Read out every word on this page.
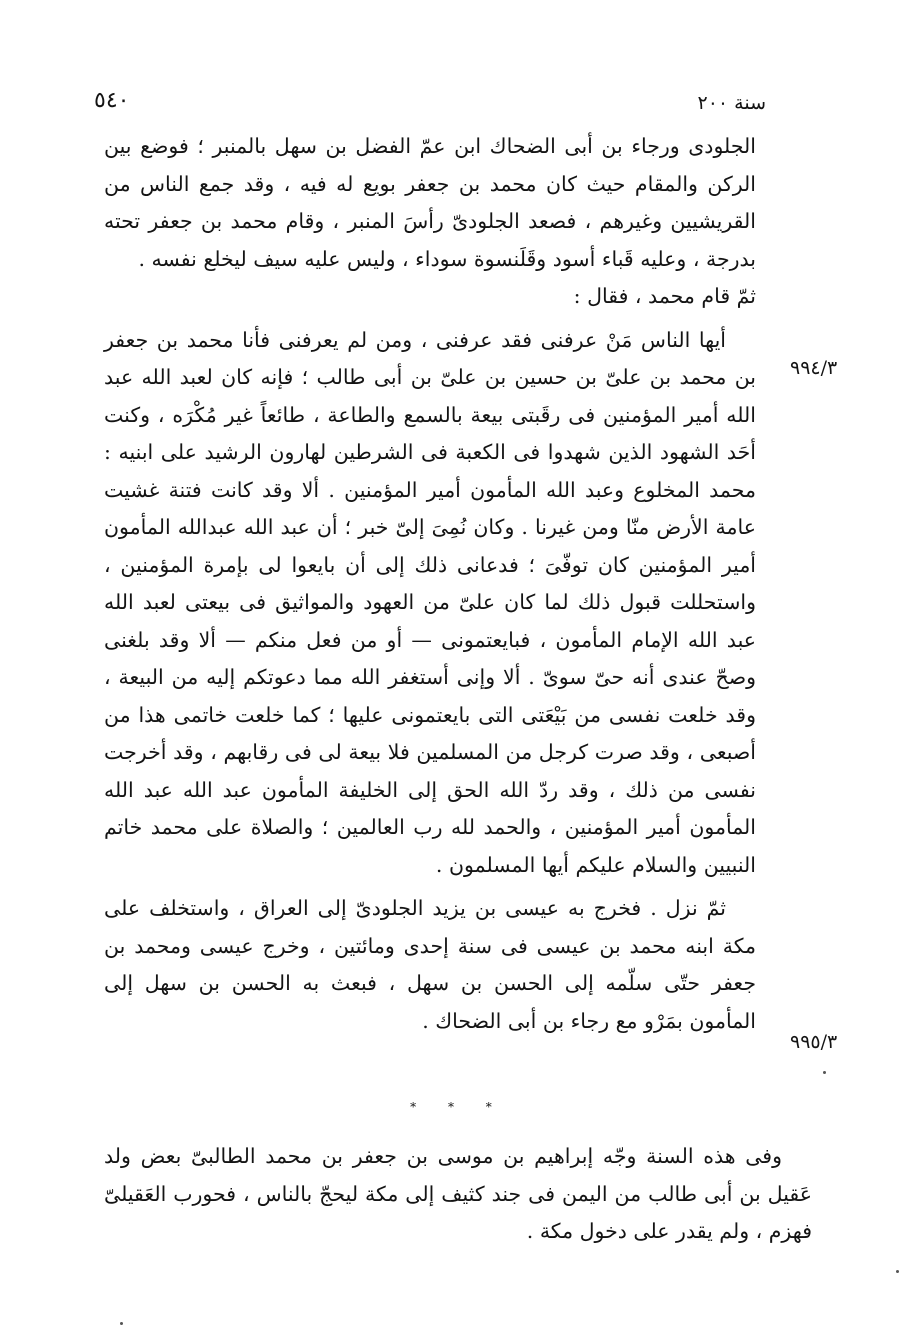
٥٤٠	سنة ٢٠٠
٩٩٤/٣
٩٩٥/٣

الجلودى ورجاء بن أبى الضحاك ابن عمّ الفضل بن سهل بالمنبر ؛ فوضع بين الركن والمقام حيث كان محمد بن جعفر بويع له فيه ، وقد جمع الناس من القريشيين وغيرهم ، فصعد الجلودىّ رأسَ المنبر ، وقام محمد بن جعفر تحته بدرجة ، وعليه قَباء أسود وقَلَنسوة سوداء ، وليس عليه سيف ليخلع نفسه .

ثمّ قام محمد ، فقال :

أيها الناس مَنْ عرفنى فقد عرفنى ، ومن لم يعرفنى فأنا محمد بن جعفر بن محمد بن علىّ بن حسين بن علىّ بن أبى طالب ؛ فإنه كان لعبد الله عبد الله أمير المؤمنين فى رقَبتى بيعة بالسمع والطاعة ، طائعاً غير مُكْرَه ، وكنت أحَد الشهود الذين شهدوا فى الكعبة فى الشرطين لهارون الرشيد على ابنيه : محمد المخلوع وعبد الله المأمون أمير المؤمنين . ألا وقد كانت فتنة غشيت عامة الأرض منّا ومن غيرنا . وكان نُمِىَ إلىّ خبر ؛ أن عبد الله عبدالله المأمون أمير المؤمنين كان توفّىَ ؛ فدعانى ذلك إلى أن بايعوا لى بإمرة المؤمنين ، واستحللت قبول ذلك لما كان علىّ من العهود والمواثيق فى بيعتى لعبد الله عبد الله الإمام المأمون ، فبايعتمونى — أو من فعل منكم — ألا وقد بلغنى وصحّ عندى أنه حىّ سوىّ . ألا وإنى أستغفر الله مما دعوتكم إليه من البيعة ، وقد خلعت نفسى من بَيْعَتى التى بايعتمونى عليها ؛ كما خلعت خاتمى هذا من أصبعى ، وقد صرت كرجل من المسلمين فلا بيعة لى فى رقابهم ، وقد أخرجت نفسى من ذلك ، وقد ردّ الله الحق إلى الخليفة المأمون عبد الله عبد الله المأمون أمير المؤمنين ، والحمد لله رب العالمين ؛ والصلاة على محمد خاتم النبيين والسلام عليكم أيها المسلمون .

ثمّ نزل . فخرج به عيسى بن يزيد الجلودىّ إلى العراق ، واستخلف على مكة ابنه محمد بن عيسى فى سنة إحدى ومائتين ، وخرج عيسى ومحمد بن جعفر حتّى سلّمه إلى الحسن بن سهل ، فبعث به الحسن بن سهل إلى المأمون بمَرْو مع رجاء بن أبى الضحاك .

* * *

وفى هذه السنة وجّه إبراهيم بن موسى بن جعفر بن محمد الطالبىّ بعض ولد عَقيل بن أبى طالب من اليمن فى جند كثيف إلى مكة ليحجّ بالناس ، فحورب العَقيلىّ فهزم ، ولم يقدر على دخول مكة .
